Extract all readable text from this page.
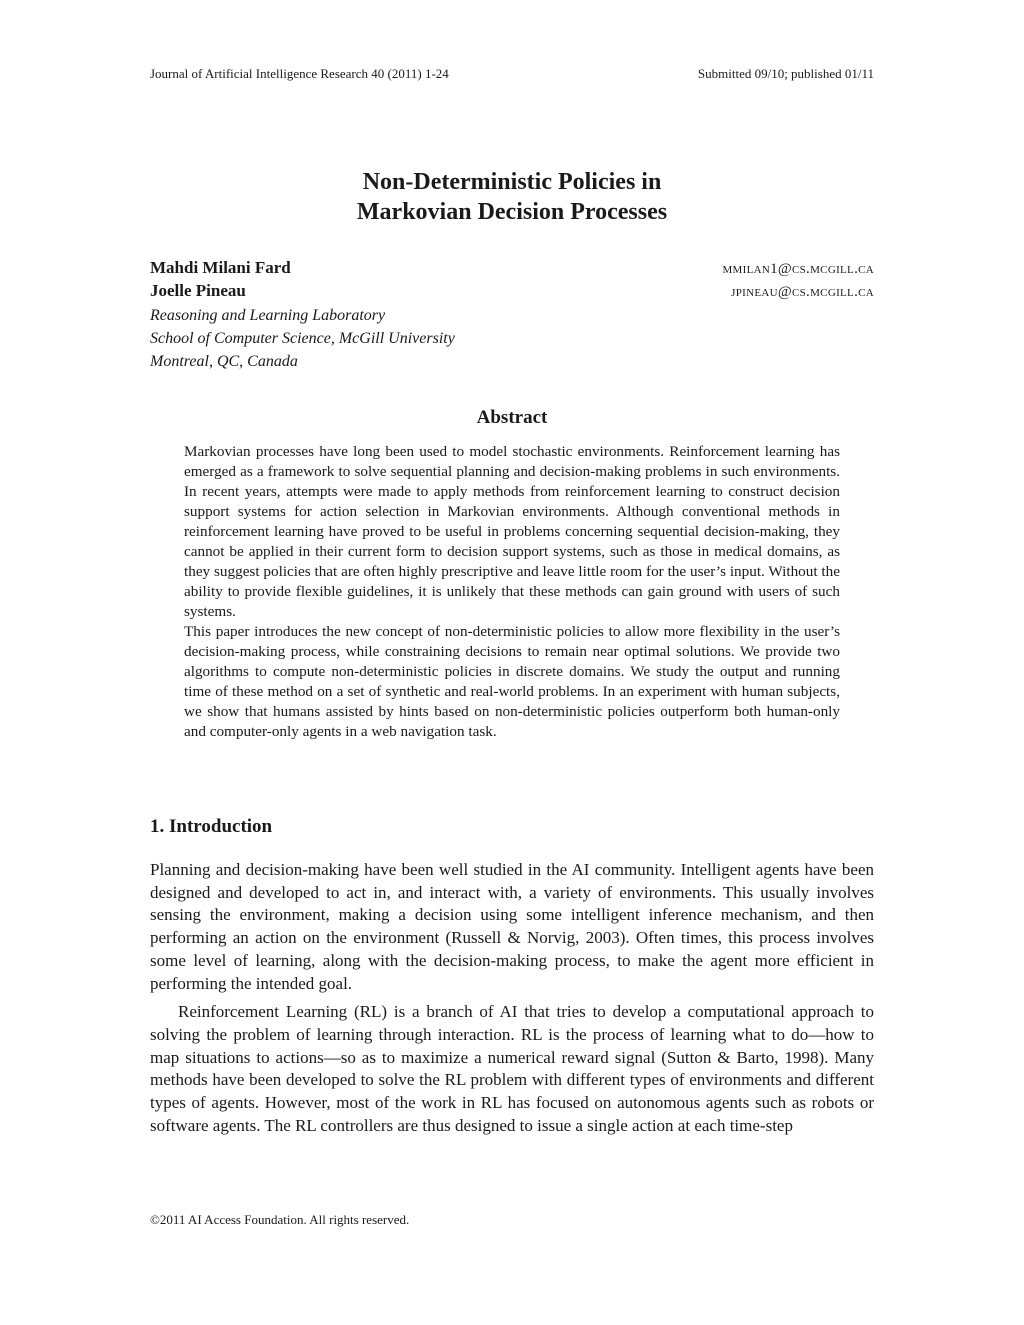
Journal of Artificial Intelligence Research 40 (2011) 1-24	Submitted 09/10; published 01/11
Non-Deterministic Policies in
Markovian Decision Processes
Mahdi Milani Fard	mmilan1@cs.mcgill.ca
Joelle Pineau	jpineau@cs.mcgill.ca
Reasoning and Learning Laboratory
School of Computer Science, McGill University
Montreal, QC, Canada
Abstract

Markovian processes have long been used to model stochastic environments. Reinforcement learning has emerged as a framework to solve sequential planning and decision-making problems in such environments. In recent years, attempts were made to apply methods from reinforcement learning to construct decision support systems for action selection in Markovian environments. Although conventional methods in reinforcement learning have proved to be useful in problems concerning sequential decision-making, they cannot be applied in their current form to decision support systems, such as those in medical domains, as they suggest policies that are often highly prescriptive and leave little room for the user’s input. Without the ability to provide flexible guidelines, it is unlikely that these methods can gain ground with users of such systems.

This paper introduces the new concept of non-deterministic policies to allow more flexibility in the user’s decision-making process, while constraining decisions to remain near optimal solutions. We provide two algorithms to compute non-deterministic policies in discrete domains. We study the output and running time of these method on a set of synthetic and real-world problems. In an experiment with human subjects, we show that humans assisted by hints based on non-deterministic policies outperform both human-only and computer-only agents in a web navigation task.

1. Introduction

Planning and decision-making have been well studied in the AI community. Intelligent agents have been designed and developed to act in, and interact with, a variety of environments. This usually involves sensing the environment, making a decision using some intelligent inference mechanism, and then performing an action on the environment (Russell & Norvig, 2003). Often times, this process involves some level of learning, along with the decision-making process, to make the agent more efficient in performing the intended goal.

Reinforcement Learning (RL) is a branch of AI that tries to develop a computational approach to solving the problem of learning through interaction. RL is the process of learning what to do—how to map situations to actions—so as to maximize a numerical reward signal (Sutton & Barto, 1998). Many methods have been developed to solve the RL problem with different types of environments and different types of agents. However, most of the work in RL has focused on autonomous agents such as robots or software agents. The RL controllers are thus designed to issue a single action at each time-step

©2011 AI Access Foundation. All rights reserved.
